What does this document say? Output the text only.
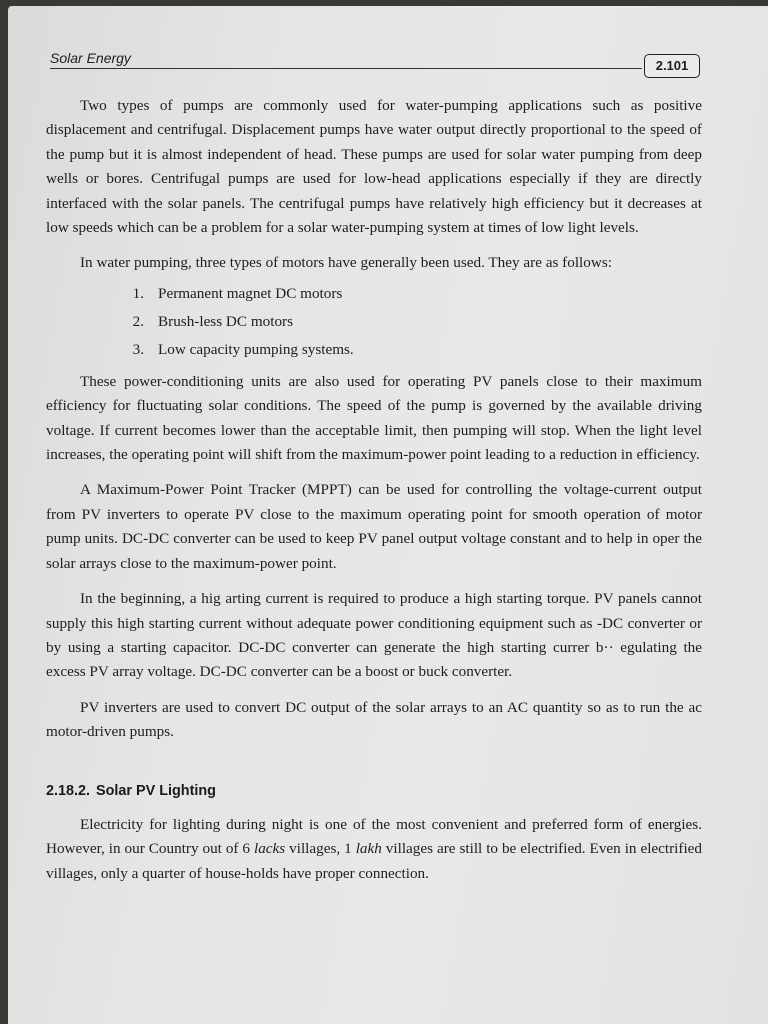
Solar Energy	2.101

Two types of pumps are commonly used for water-pumping applications such as positive displacement and centrifugal. Displacement pumps have water output directly proportional to the speed of the pump but it is almost independent of head. These pumps are used for solar water pumping from deep wells or bores. Centrifugal pumps are used for low-head applications especially if they are directly interfaced with the solar panels. The centrifugal pumps have relatively high efficiency but it decreases at low speeds which can be a problem for a solar water-pumping system at times of low light levels.

In water pumping, three types of motors have generally been used. They are as follows:

1. Permanent magnet DC motors
2. Brush-less DC motors
3. Low capacity pumping systems.

These power-conditioning units are also used for operating PV panels close to their maximum efficiency for fluctuating solar conditions. The speed of the pump is governed by the available driving voltage. If current becomes lower than the acceptable limit, then pumping will stop. When the light level increases, the operating point will shift from the maximum-power point leading to a reduction in efficiency.

A Maximum-Power Point Tracker (MPPT) can be used for controlling the voltage-current output from PV inverters to operate PV close to the maximum operating point for smooth operation of motor pump units. DC-DC converter can be used to keep PV panel output voltage constant and to help in oper the solar arrays close to the maximum-power point.

In the beginning, a hig arting current is required to produce a high starting torque. PV panels cannot supply this high starting current without adequate power conditioning equipment such as -DC converter or by using a starting capacitor. DC-DC converter can generate the high starting currer b·· egulating the excess PV array voltage. DC-DC converter can be a boost or buck converter.

PV inverters are used to convert DC output of the solar arrays to an AC quantity so as to run the ac motor-driven pumps.

2.18.2. Solar PV Lighting

Electricity for lighting during night is one of the most convenient and preferred form of energies. However, in our Country out of 6 lacks villages, 1 lakh villages are still to be electrified. Even in electrified villages, only a quarter of house-holds have proper connection.
